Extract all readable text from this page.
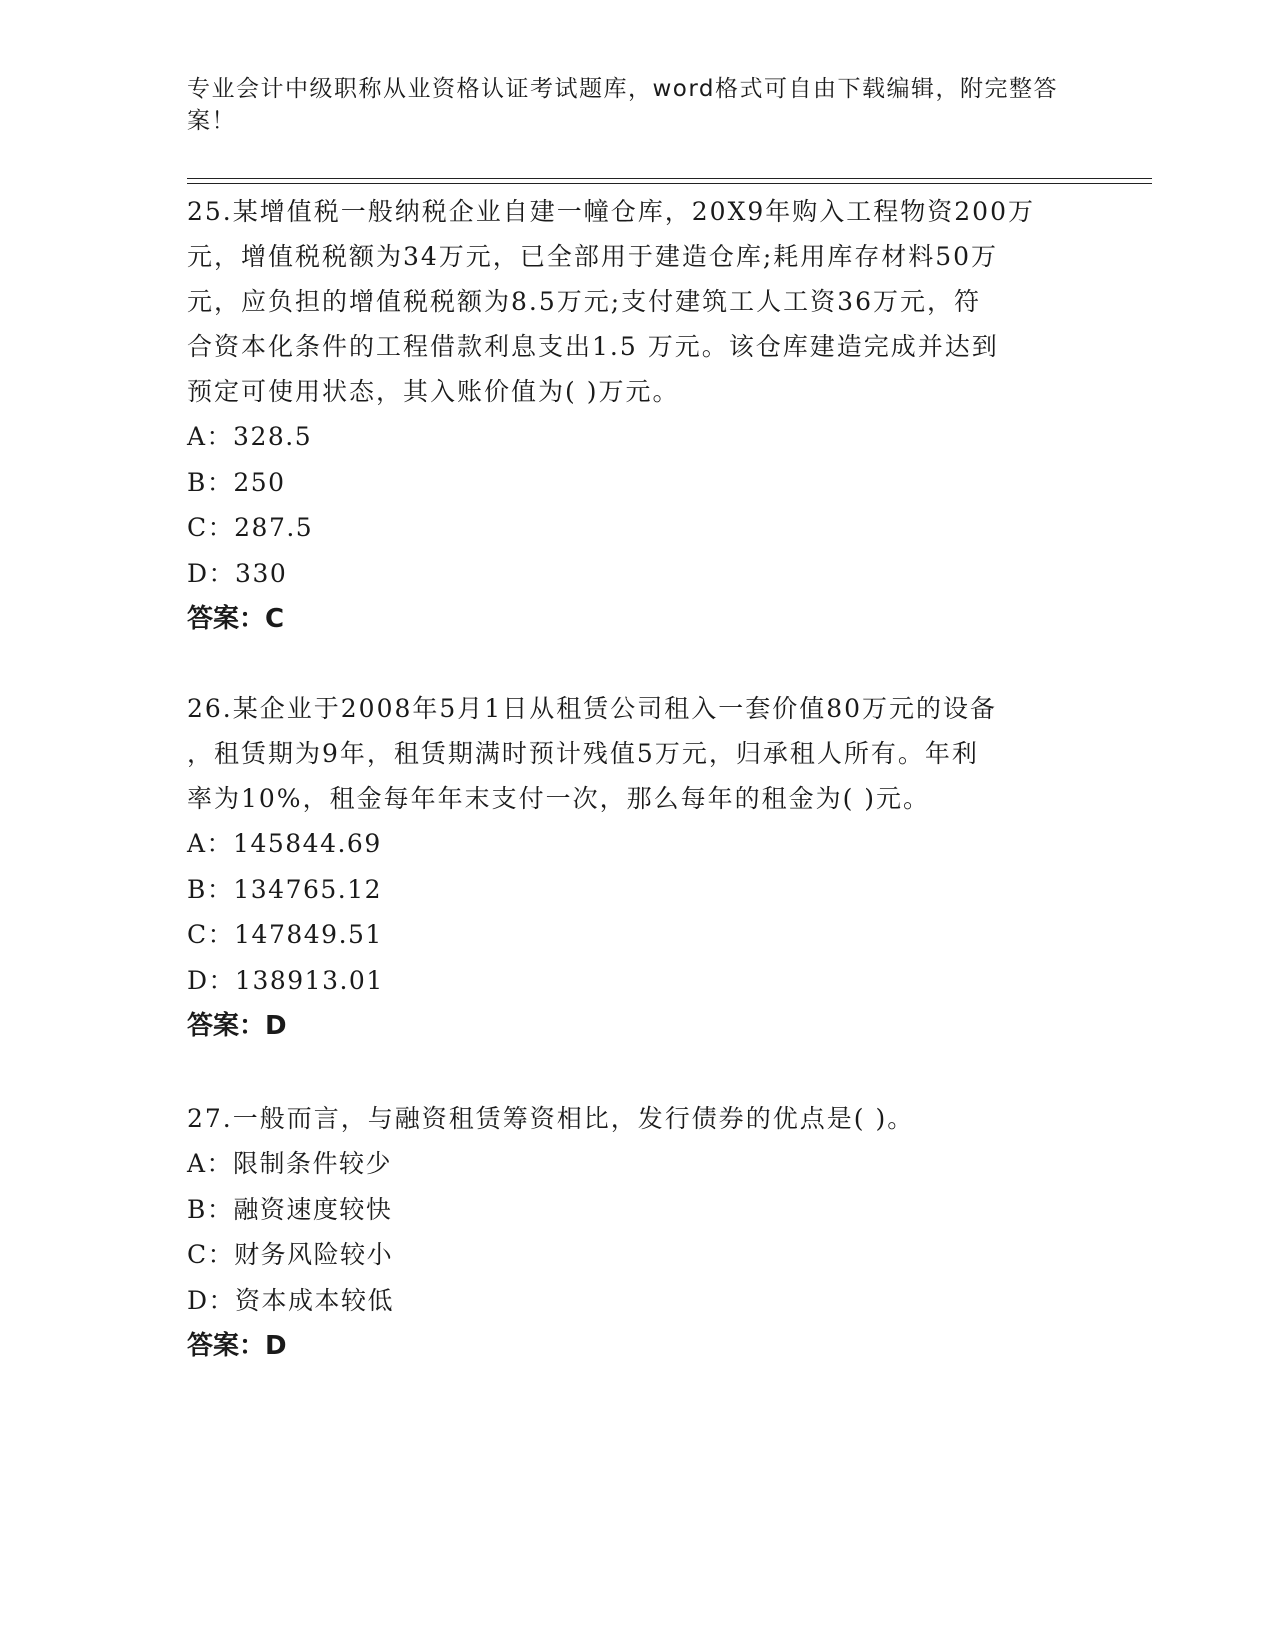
专业会计中级职称从业资格认证考试题库，word格式可自由下载编辑，附完整答
案！
25.某增值税一般纳税企业自建一幢仓库，20X9年购入工程物资200万
元，增值税税额为34万元，已全部用于建造仓库;耗用库存材料50万
元，应负担的增值税税额为8.5万元;支付建筑工人工资36万元，符
合资本化条件的工程借款利息支出1.5 万元。该仓库建造完成并达到
预定可使用状态，其入账价值为( )万元。
A：328.5
B：250
C：287.5
D：330
答案：C
26.某企业于2008年5月1日从租赁公司租入一套价值80万元的设备
，租赁期为9年，租赁期满时预计残值5万元，归承租人所有。年利
率为10%，租金每年年末支付一次，那么每年的租金为( )元。
A：145844.69
B：134765.12
C：147849.51
D：138913.01
答案：D
27.一般而言，与融资租赁筹资相比，发行债券的优点是( )。
A：限制条件较少
B：融资速度较快
C：财务风险较小
D：资本成本较低
答案：D
